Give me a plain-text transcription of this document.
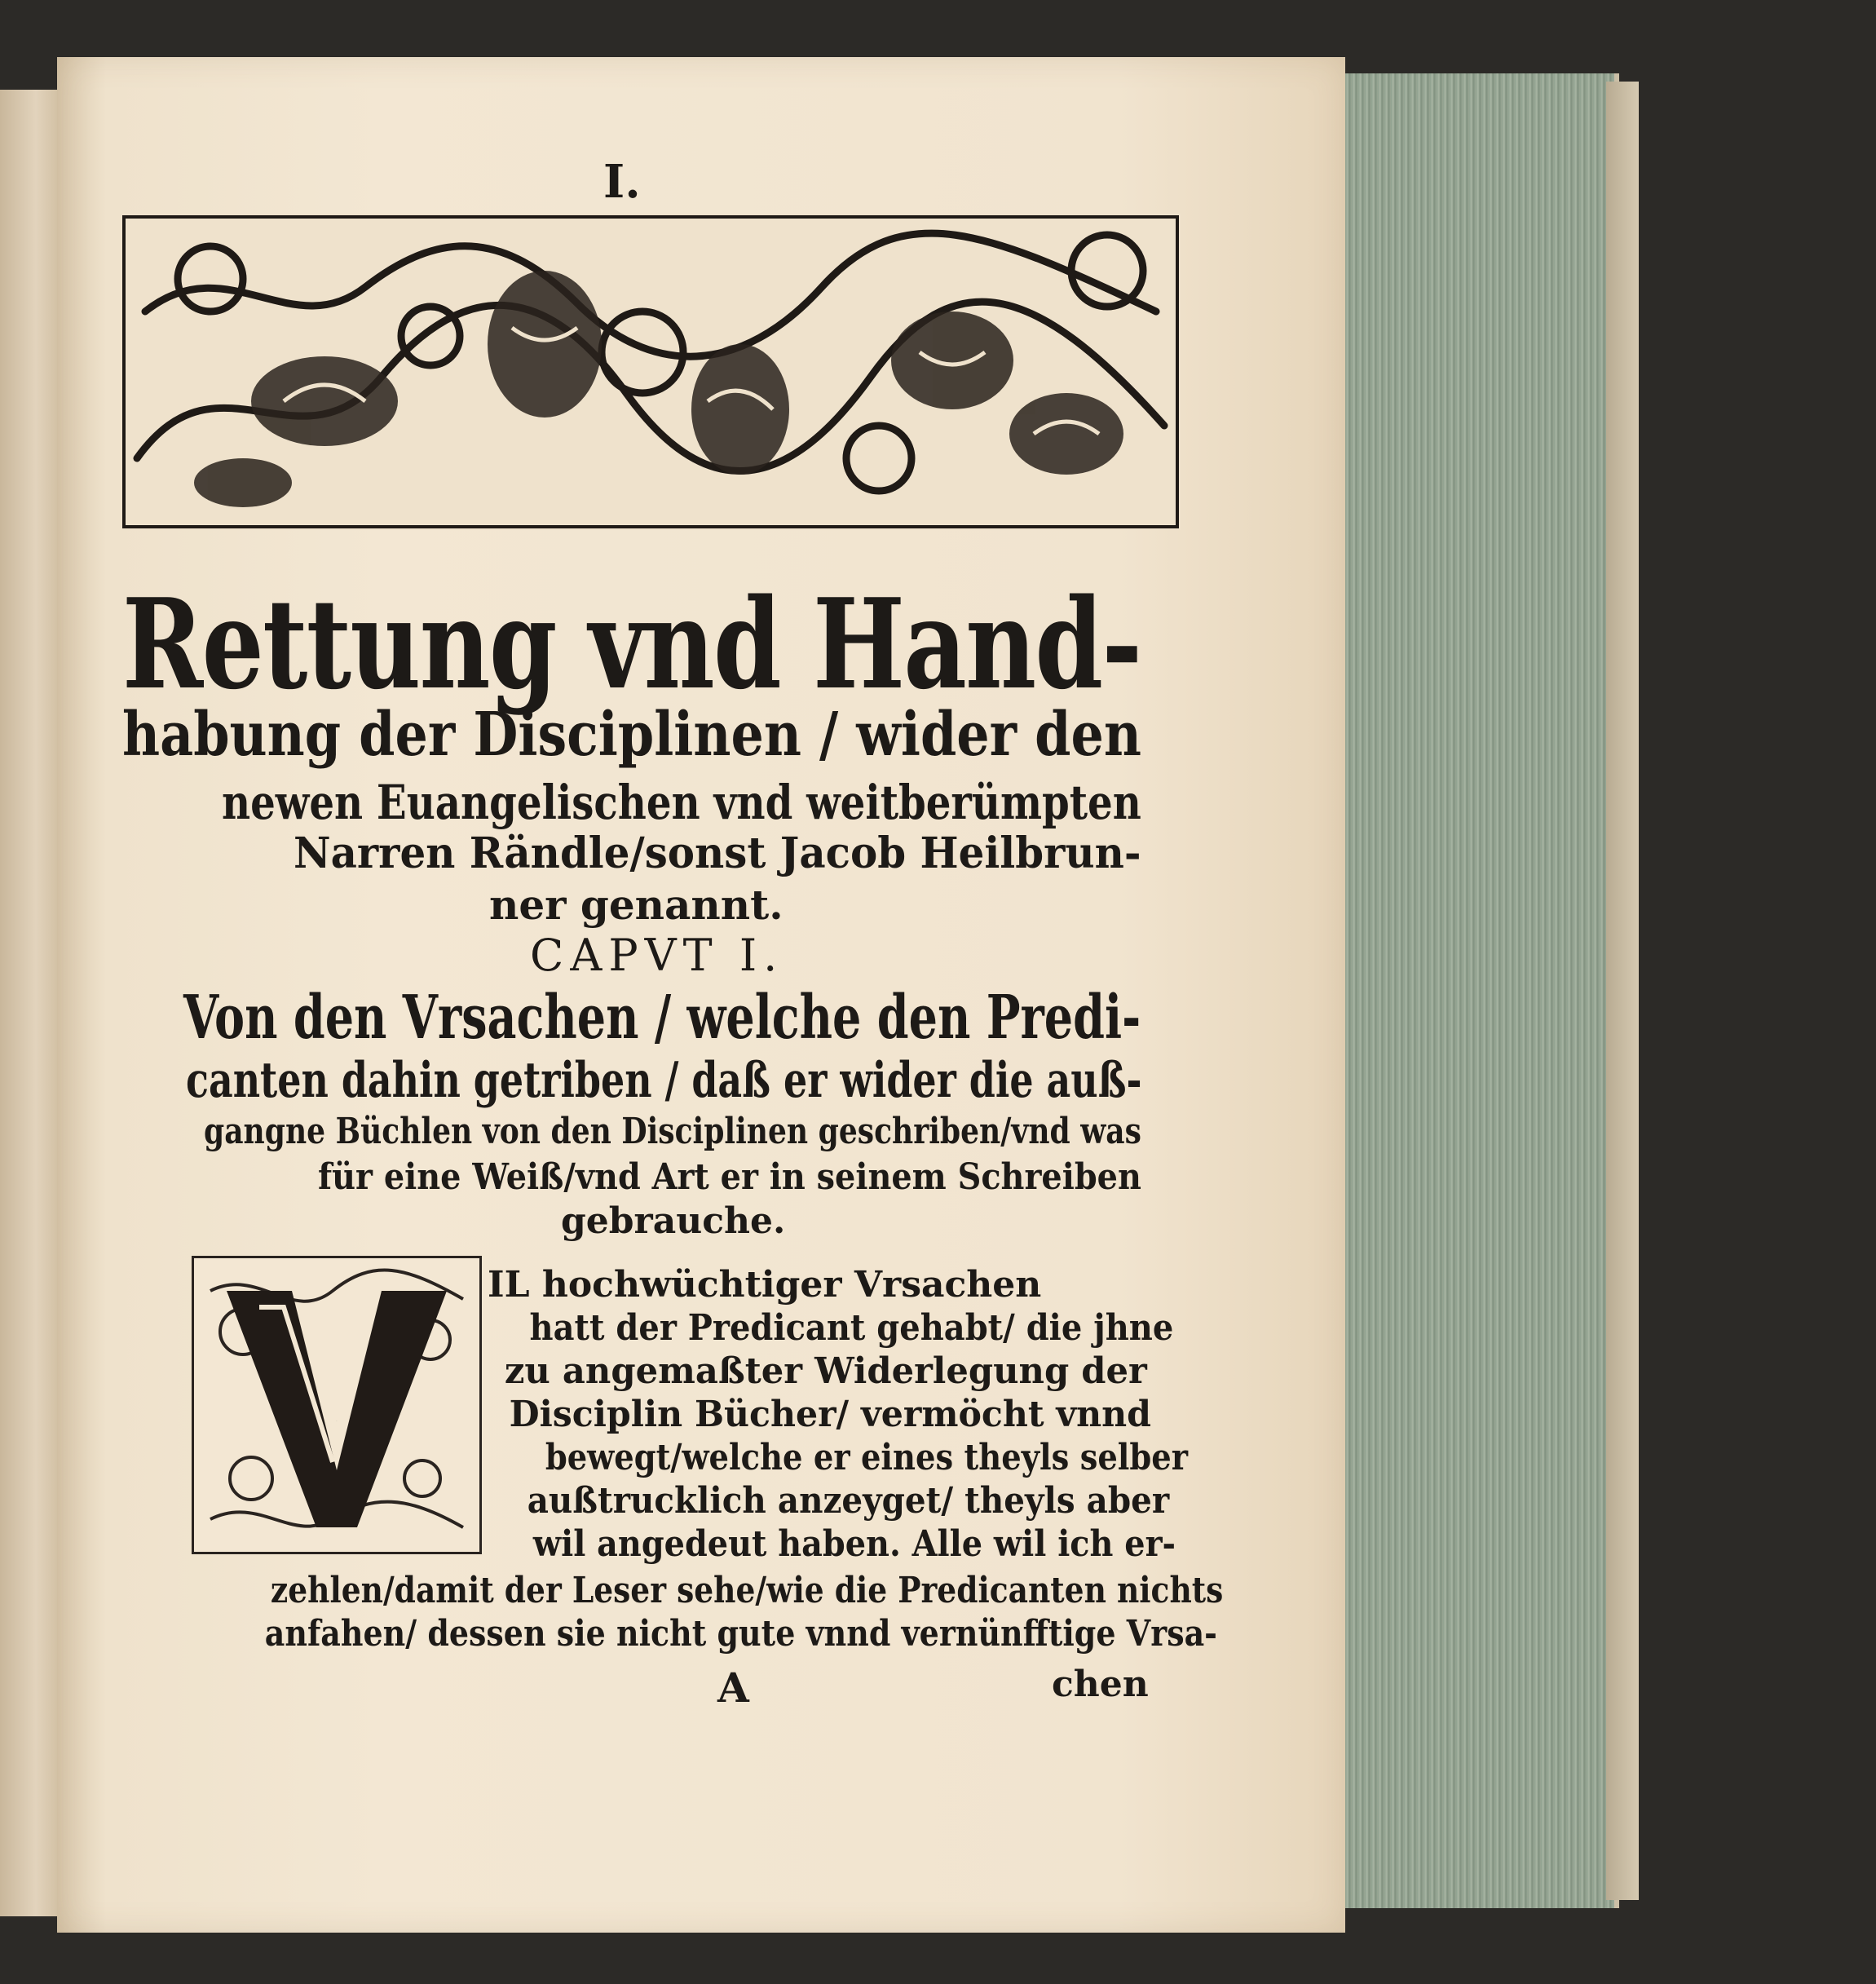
I.
Rettung vnd Hand-
habung der Disciplinen / wider den
newen Euangelischen vnd weitberümpten
Narren Rändle/sonst Jacob Heilbrun-
ner genannt.
CAPVT I.
Von den Vrsachen / welche den Predi-
canten dahin getriben / daß er wider die auß-
gangne Büchlen von den Disciplinen geschriben/vnd was
für eine Weiß/vnd Art er in seinem Schreiben
gebrauche.
V
IL hochwüchtiger Vrsachen
hatt der Predicant gehabt/ die jhne
zu angemaßter Widerlegung der
Disciplin Bücher/ vermöcht vnnd
bewegt/welche er eines theyls selber
außtrucklich anzeyget/ theyls aber
wil angedeut haben. Alle wil ich er-
zehlen/damit der Leser sehe/wie die Predicanten nichts
anfahen/ dessen sie nicht gute vnnd vernünfftige Vrsa-
A	chen
